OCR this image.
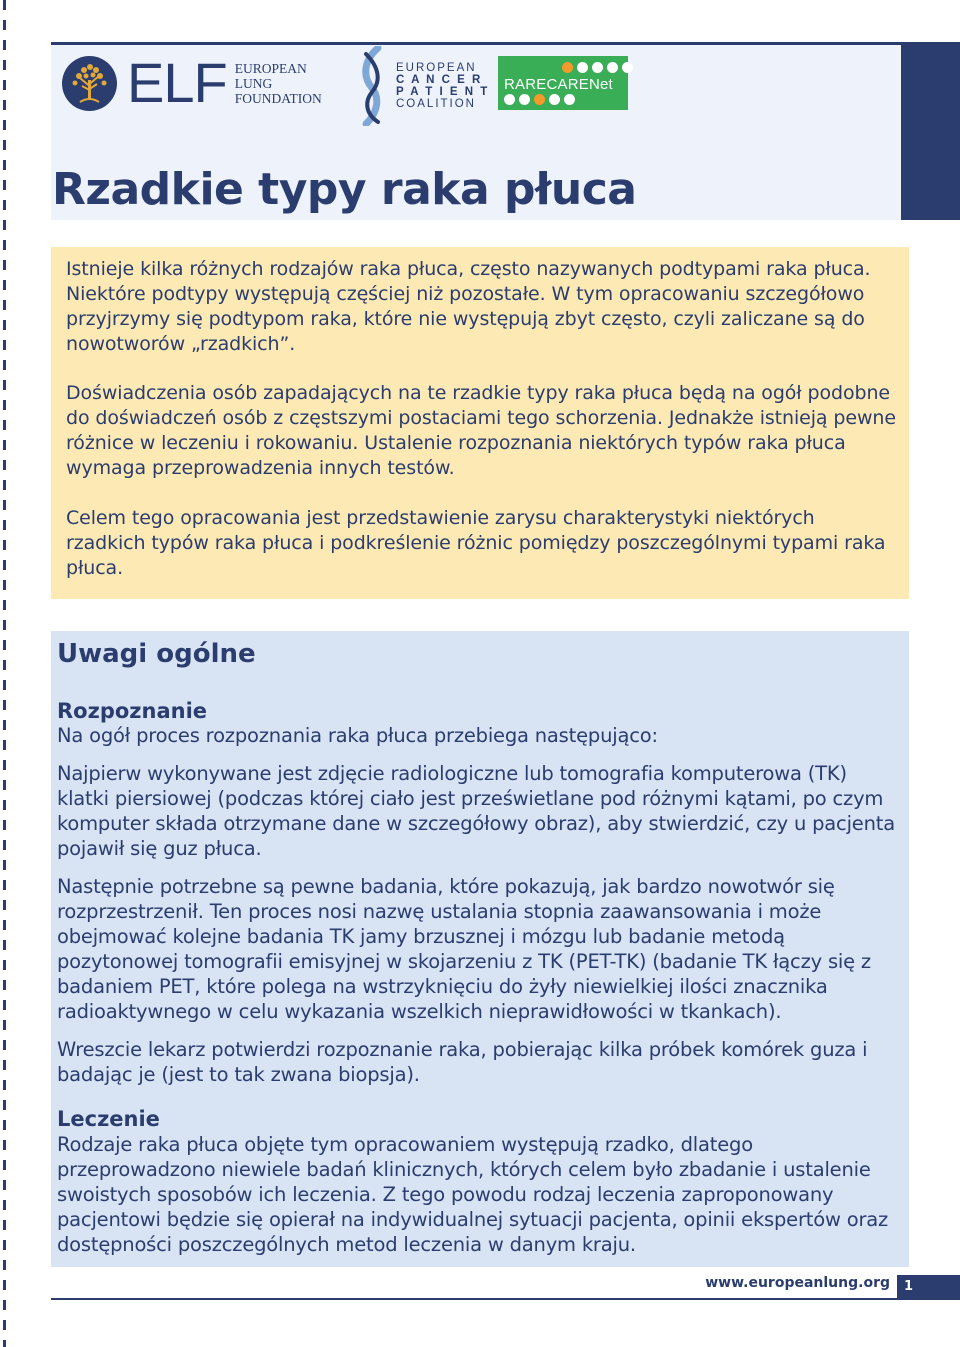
ELF EUROPEAN
LUNG
FOUNDATION
EUROPEAN
C A N C E R
P A T I E N T
COALITION
RARECARENet
Rzadkie typy raka płuca

Istnieje kilka różnych rodzajów raka płuca, często nazywanych podtypami raka płuca. Niektóre podtypy występują częściej niż pozostałe. W tym opracowaniu szczegółowo przyjrzymy się podtypom raka, które nie występują zbyt często, czyli zaliczane są do nowotworów „rzadkich”.

Doświadczenia osób zapadających na te rzadkie typy raka płuca będą na ogół podobne do doświadczeń osób z częstszymi postaciami tego schorzenia. Jednakże istnieją pewne różnice w leczeniu i rokowaniu. Ustalenie rozpoznania niektórych typów raka płuca wymaga przeprowadzenia innych testów.

Celem tego opracowania jest przedstawienie zarysu charakterystyki niektórych rzadkich typów raka płuca i podkreślenie różnic pomiędzy poszczególnymi typami raka płuca.

Uwagi ogólne
Rozpoznanie

Na ogół proces rozpoznania raka płuca przebiega następująco:

Najpierw wykonywane jest zdjęcie radiologiczne lub tomografia komputerowa (TK) klatki piersiowej (podczas której ciało jest prześwietlane pod różnymi kątami, po czym komputer składa otrzymane dane w szczegółowy obraz), aby stwierdzić, czy u pacjenta pojawił się guz płuca.

Następnie potrzebne są pewne badania, które pokazują, jak bardzo nowotwór się rozprzestrzenił. Ten proces nosi nazwę ustalania stopnia zaawansowania i może obejmować kolejne badania TK jamy brzusznej i mózgu lub badanie metodą pozytonowej tomografii emisyjnej w skojarzeniu z TK (PET-TK) (badanie TK łączy się z badaniem PET, które polega na wstrzyknięciu do żyły niewielkiej ilości znacznika radioaktywnego w celu wykazania wszelkich nieprawidłowości w tkankach).

Wreszcie lekarz potwierdzi rozpoznanie raka, pobierając kilka próbek komórek guza i badając je (jest to tak zwana biopsja).

Leczenie

Rodzaje raka płuca objęte tym opracowaniem występują rzadko, dlatego przeprowadzono niewiele badań klinicznych, których celem było zbadanie i ustalenie swoistych sposobów ich leczenia. Z tego powodu rodzaj leczenia zaproponowany pacjentowi będzie się opierał na indywidualnej sytuacji pacjenta, opinii ekspertów oraz dostępności poszczególnych metod leczenia w danym kraju.

www.europeanlung.org 1
